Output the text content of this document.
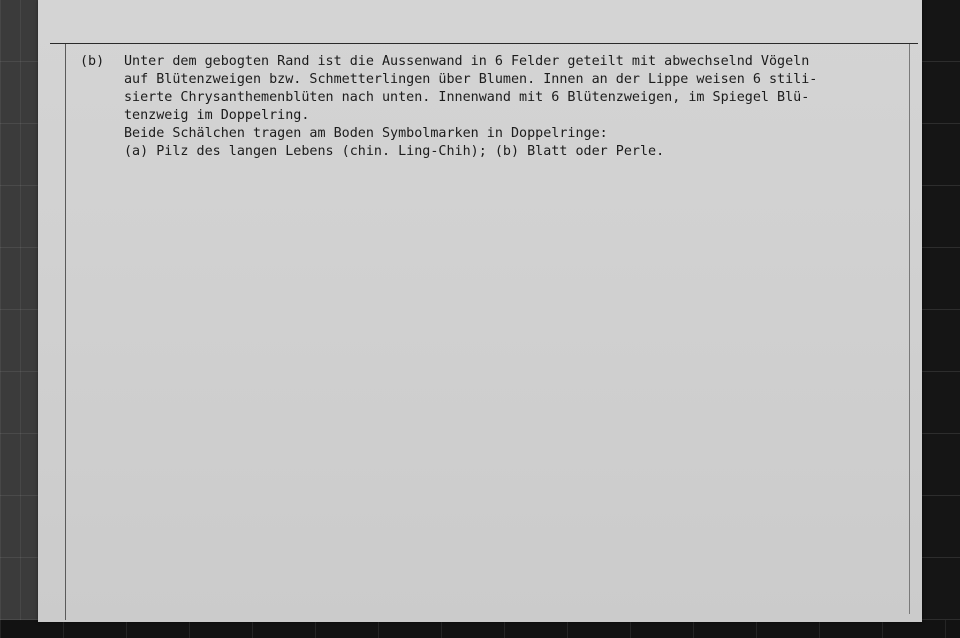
(b)	Unter dem gebogten Rand ist die Aussenwand in 6 Felder geteilt mit abwechselnd Vögeln
auf Blütenzweigen bzw. Schmetterlingen über Blumen. Innen an der Lippe weisen 6 stili-
sierte Chrysanthemenblüten nach unten. Innenwand mit 6 Blütenzweigen, im Spiegel Blü-
tenzweig im Doppelring.
Beide Schälchen tragen am Boden Symbolmarken in Doppelringe:
(a) Pilz des langen Lebens (chin. Ling-Chih); (b) Blatt oder Perle.
